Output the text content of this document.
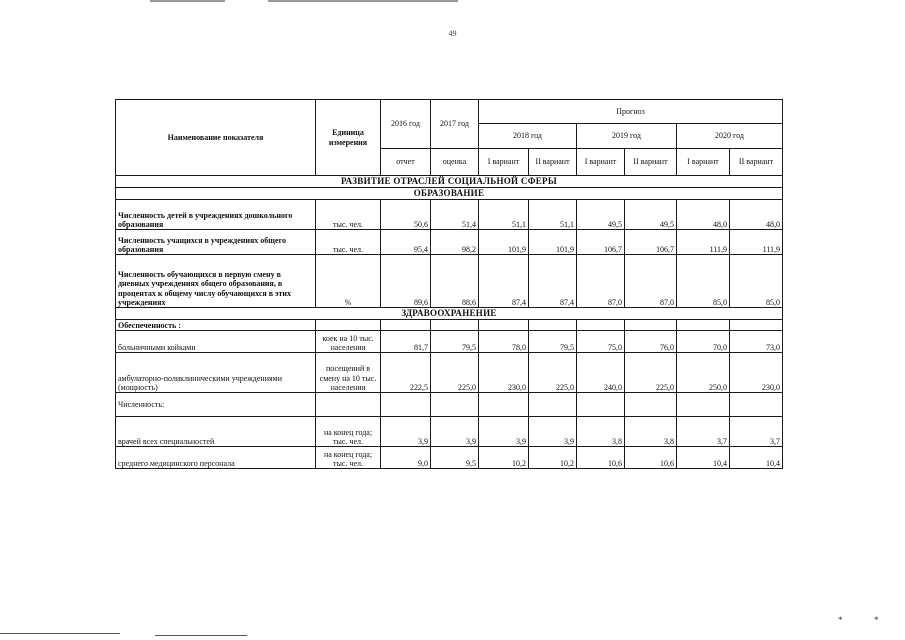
49
Наименование показателя	Единица измерения	2016 год	2017 год	Прогноз					
				2018 год		2019 год		2020 год	
		отчет	оценка	I вариант	II вариант	I вариант	II вариант	I вариант	II вариант
РАЗВИТИЕ ОТРАСЛЕЙ СОЦИАЛЬНОЙ СФЕРЫ									
ОБРАЗОВАНИЕ									
Численность детей в учреждениях дошкольного образования	тыс. чел.	50,6	51,4	51,1	51,1	49,5	49,5	48,0	48,0
Численность учащихся в учреждениях общего образования	тыс. чел.	95,4	98,2	101,9	101,9	106,7	106,7	111,9	111,9
Численность обучающихся в первую смену в дневных учреждениях общего образования, в процентах к общему числу обучающихся в этих учреждениях	%	89,6	88,6	87,4	87,4	87,0	87,0	85,0	85,0
ЗДРАВООХРАНЕНИЕ									
Обеспеченность :									
больничными койками	коек на 10 тыс. населения	81,7	79,5	78,0	79,5	75,0	76,0	70,0	73,0
амбулаторно-поликлиническими учреждениями (мощность)	посещений в смену на 10 тыс. населения	222,5	225,0	230,0	225,0	240,0	225,0	250,0	230,0
Численность:									
врачей всех специальностей	на конец года; тыс. чел.	3,9	3,9	3,9	3,9	3,8	3,8	3,7	3,7
среднего медицинского персонала	на конец года; тыс. чел.	9,0	9,5	10,2	10,2	10,6	10,6	10,4	10,4
*	*
